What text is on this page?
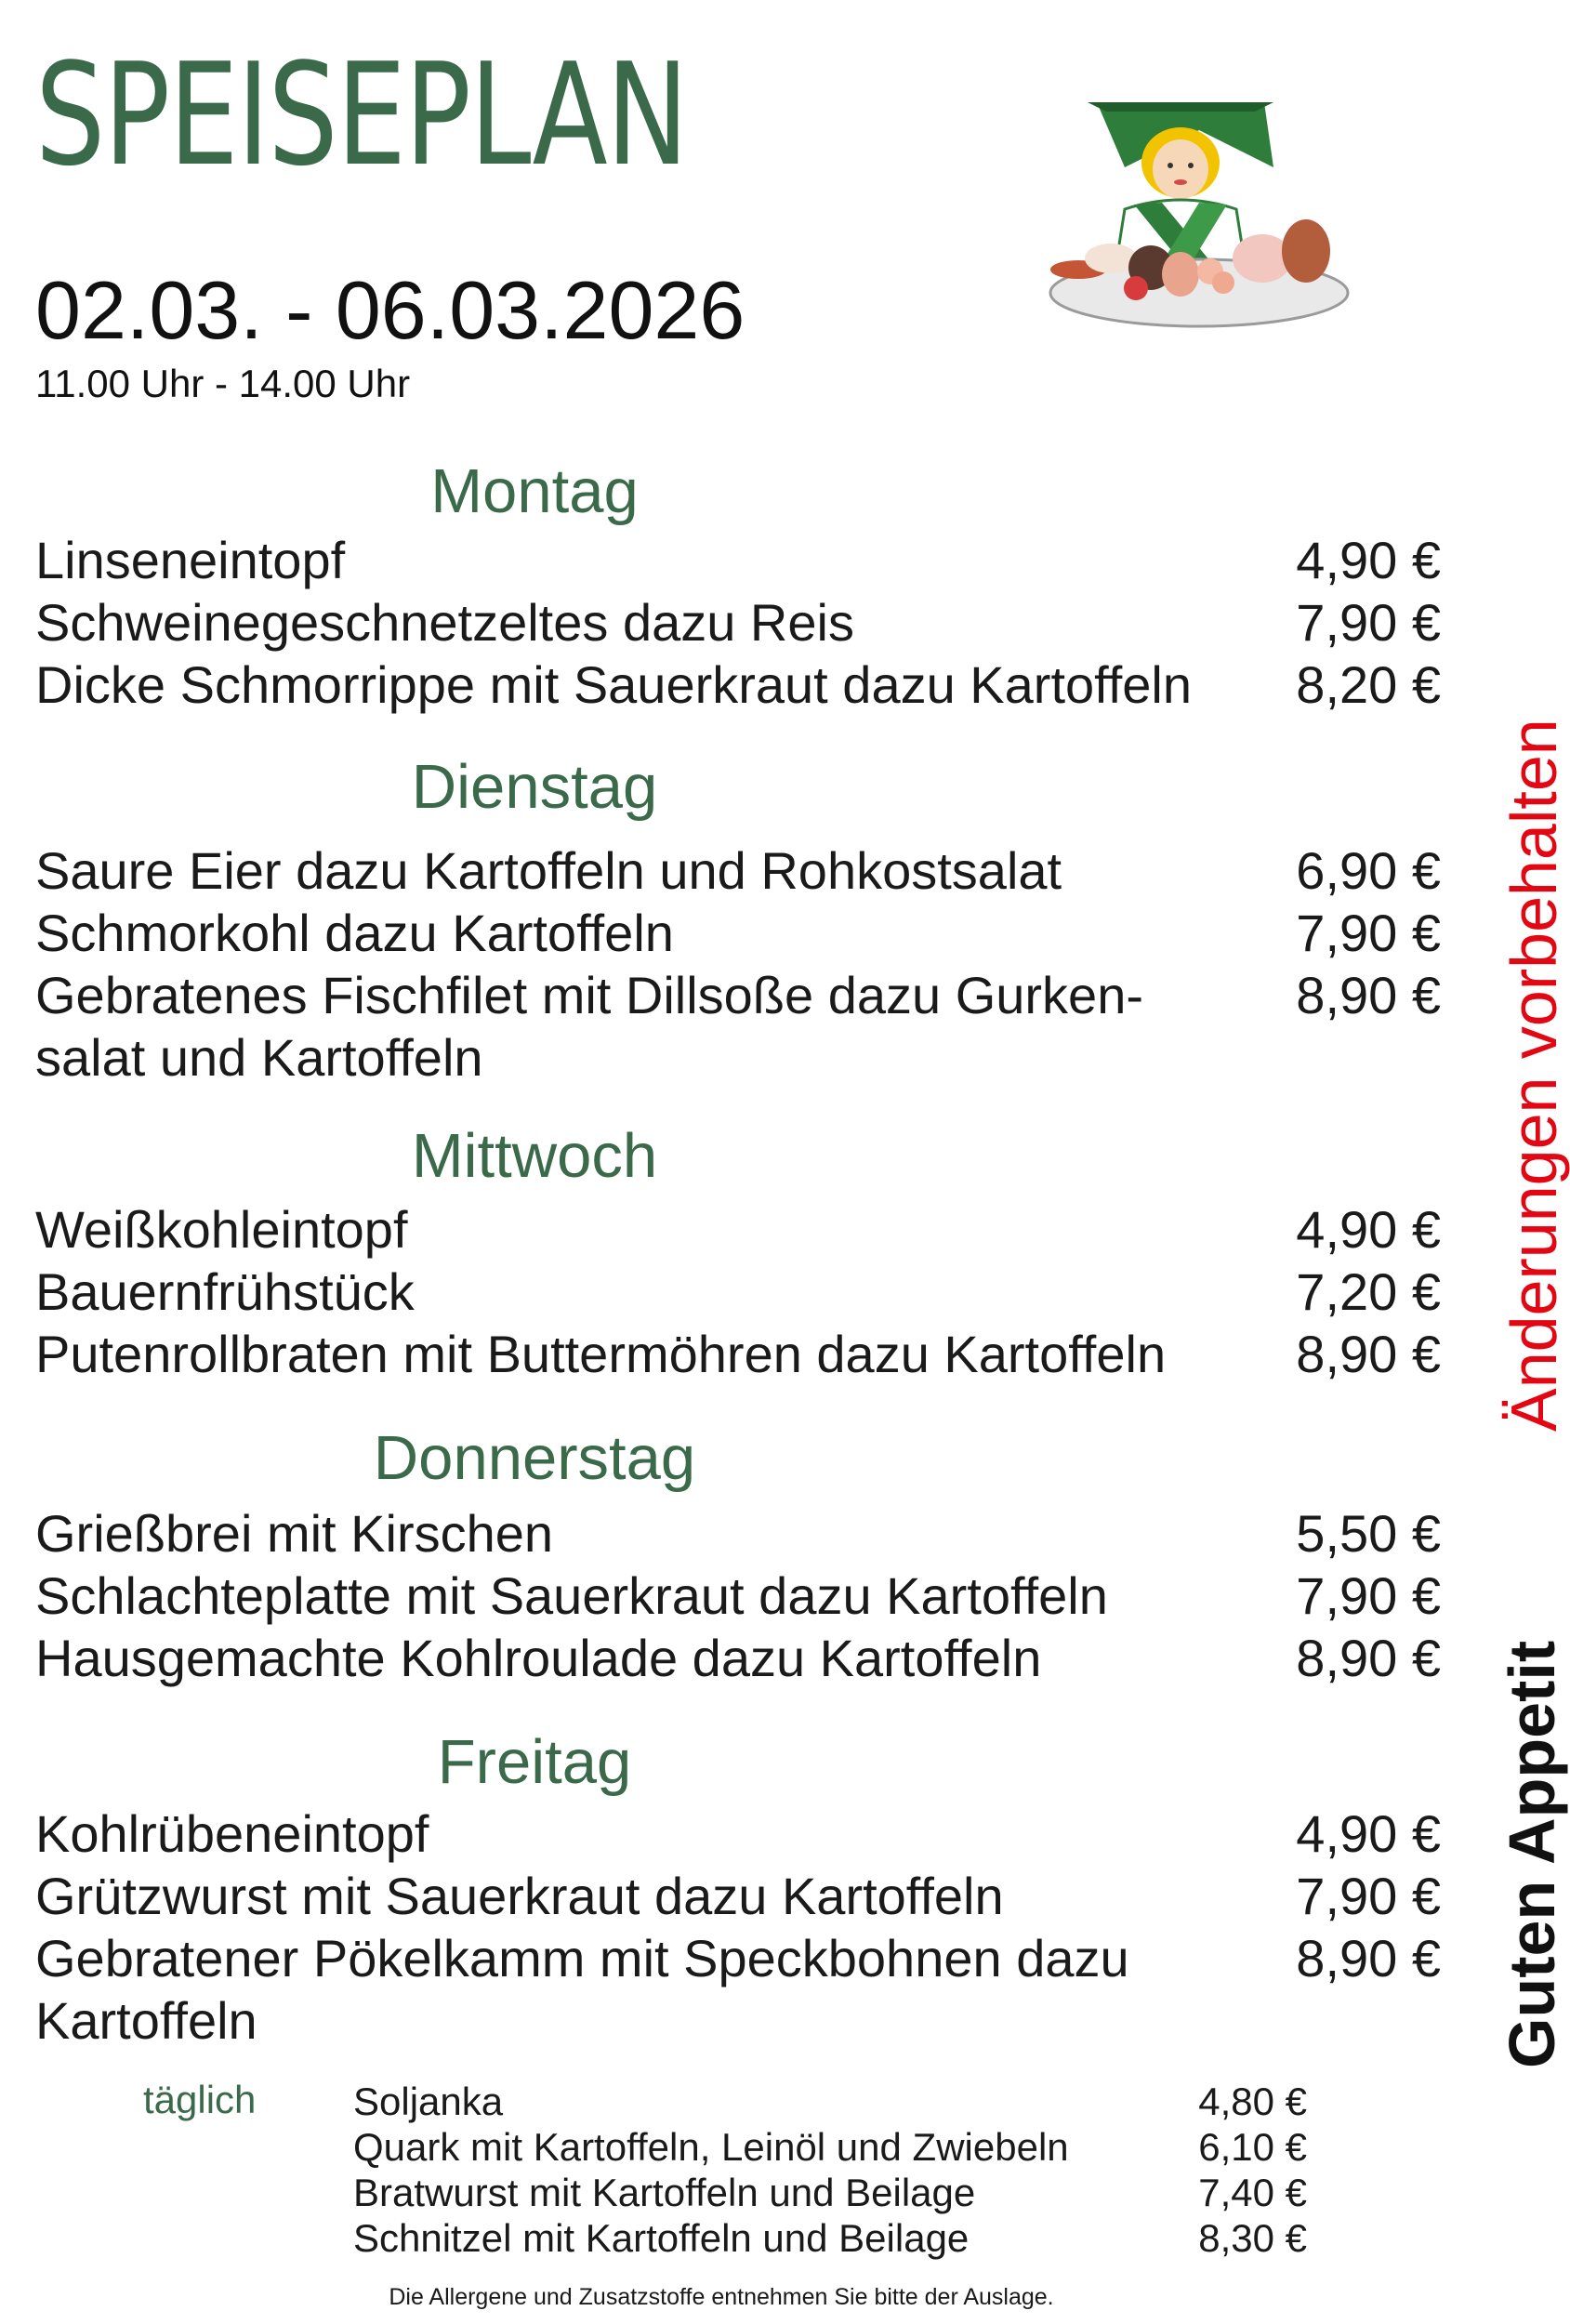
SPEISEPLAN
02.03. - 06.03.2026
11.00 Uhr - 14.00 Uhr
Montag
Linseneintopf	4,90 €
Schweinegeschnetzeltes dazu Reis	7,90 €
Dicke Schmorrippe mit Sauerkraut dazu Kartoffeln	8,20 €
Dienstag
Saure Eier dazu Kartoffeln und Rohkostsalat	6,90 €
Schmorkohl dazu Kartoffeln	7,90 €
Gebratenes Fischfilet mit Dillsoße dazu Gurken-	8,90 €
salat und Kartoffeln
Mittwoch
Weißkohleintopf	4,90 €
Bauernfrühstück	7,20 €
Putenrollbraten mit Buttermöhren dazu Kartoffeln	8,90 €
Donnerstag
Grießbrei mit Kirschen	5,50 €
Schlachteplatte mit Sauerkraut dazu Kartoffeln	7,90 €
Hausgemachte Kohlroulade dazu Kartoffeln	8,90 €
Freitag
Kohlrübeneintopf	4,90 €
Grützwurst mit Sauerkraut dazu Kartoffeln	7,90 €
Gebratener Pökelkamm mit Speckbohnen dazu	8,90 €
Kartoffeln
täglich Soljanka	4,80 €
Quark mit Kartoffeln, Leinöl und Zwiebeln	6,10 €
Bratwurst mit Kartoffeln und Beilage	7,40 €
Schnitzel mit Kartoffeln und Beilage	8,30 €
Die Allergene und Zusatzstoffe entnehmen Sie bitte der Auslage.
Änderungen vorbehalten
Guten Appetit
